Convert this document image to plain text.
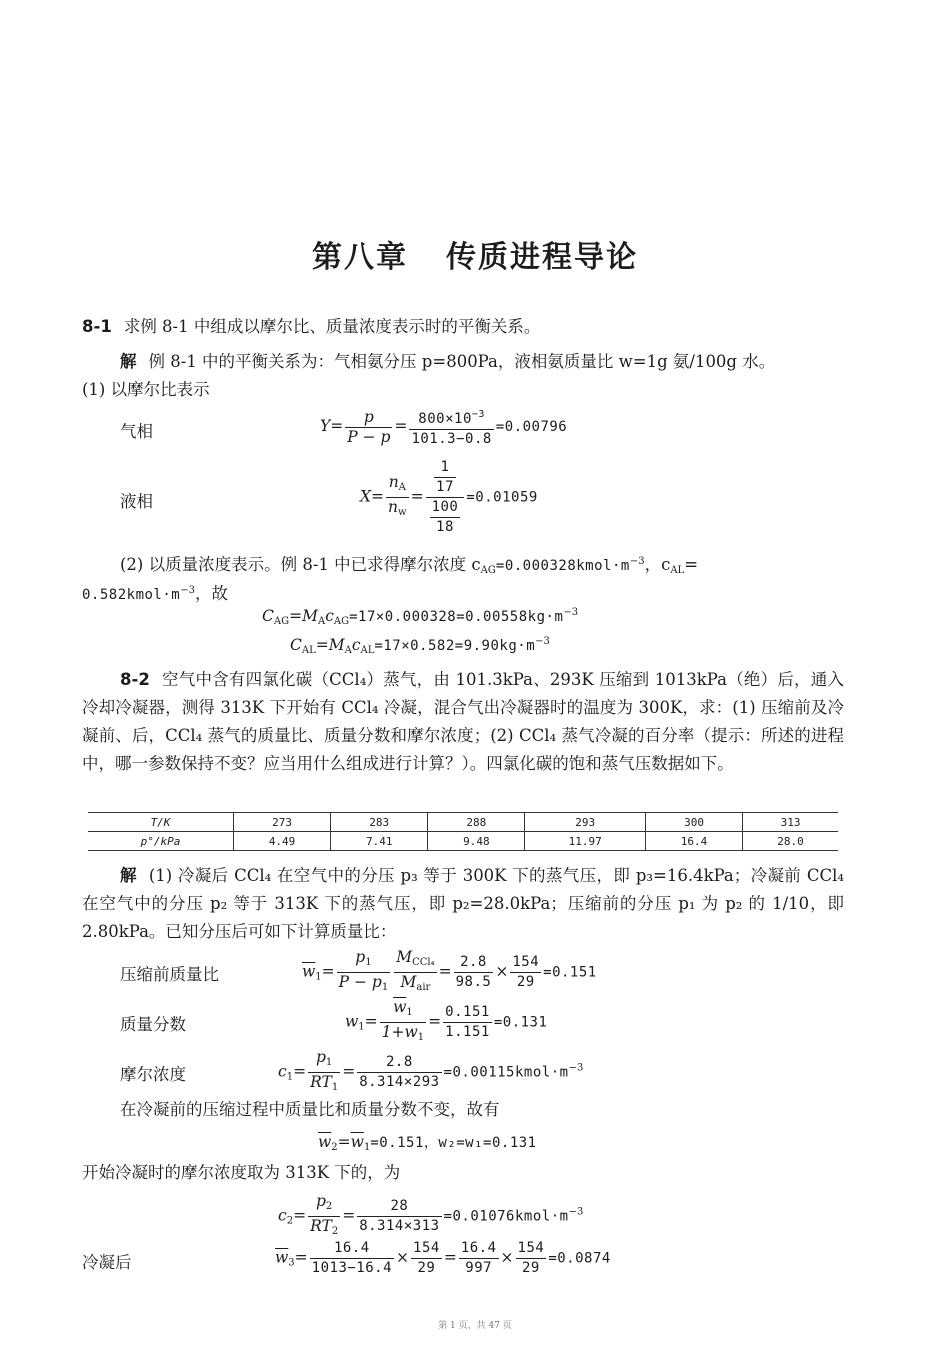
第八章 传质进程导论
8-1 求例 8-1 中组成以摩尔比、质量浓度表示时的平衡关系。
解 例 8-1 中的平衡关系为：气相氨分压 p=800Pa，液相氨质量比 w=1g 氨/100g 水。
(1) 以摩尔比表示
气相	$Y= \frac{p}{P - p} = \frac{800\times 10^{-3}}{101.3-0.8} =0.00796$
液相	$X= \frac{n_A}{n_w} = \frac{\frac{1}{17}}{\frac{100}{18}} =0.01059$
(2) 以质量浓度表示。例 8-1 中已求得摩尔浓度 $c_{AG}=0.000328kmol\cdot m^{-3}$，$c_{AL}=$
$0.582kmol\cdot m^{-3}$，故
$C_{AG}=M_Ac_{AG}=17\times 0.000328=0.00558kg\cdot m^{-3}$
$C_{AL}=M_Ac_{AL}=17\times 0.582=9.90kg\cdot m^{-3}$
8-2 空气中含有四氯化碳（CCl₄）蒸气，由 101.3kPa、293K 压缩到 1013kPa（绝）后，通入冷却冷凝器，测得 313K 下开始有 CCl₄ 冷凝，混合气出冷凝器时的温度为 300K，求：(1) 压缩前及冷凝前、后，CCl₄ 蒸气的质量比、质量分数和摩尔浓度；(2) CCl₄ 蒸气冷凝的百分率（提示：所述的进程中，哪一参数保持不变？应当用什么组成进行计算？）。四氯化碳的饱和蒸气压数据如下。
T/K	273	283	288	293	300	313
p°/kPa	4.49	7.41	9.48	11.97	16.4	28.0
解 (1) 冷凝后 CCl₄ 在空气中的分压 p₃ 等于 300K 下的蒸气压，即 p₃=16.4kPa；冷凝前 CCl₄ 在空气中的分压 p₂ 等于 313K 下的蒸气压，即 p₂=28.0kPa；压缩前的分压 p₁ 为 p₂ 的 1/10，即 2.80kPa。已知分压后可如下计算质量比：
压缩前质量比	$\overline{w}_1= \frac{p_1}{P - p_1} \frac{M_{CCl_4}}{M_{air}} = \frac{2.8}{98.5} \times \frac{154}{29} =0.151$
质量分数	$w_1= \frac{\overline{w}_1}{1+w_1} = \frac{0.151}{1.151} =0.131$
摩尔浓度	$c_1= \frac{p_1}{RT_1} = \frac{2.8}{8.314\times 293}$ $=0.00115kmol\cdot m^{-3}$
在冷凝前的压缩过程中质量比和质量分数不变，故有
$\overline{w}_2=\overline{w}_1=0.151$，w₂=w₁=0.131
开始冷凝时的摩尔浓度取为 313K 下的，为
$c_2= \frac{p_2}{RT_2} = \frac{28}{8.314\times 313}$ $=0.01076kmol\cdot m^{-3}$
冷凝后	$\overline{w}_3= \frac{16.4}{1013-16.4} \times \frac{154}{29} = \frac{16.4}{997} \times \frac{154}{29} =0.0874$
第 1 页，共 47 页
